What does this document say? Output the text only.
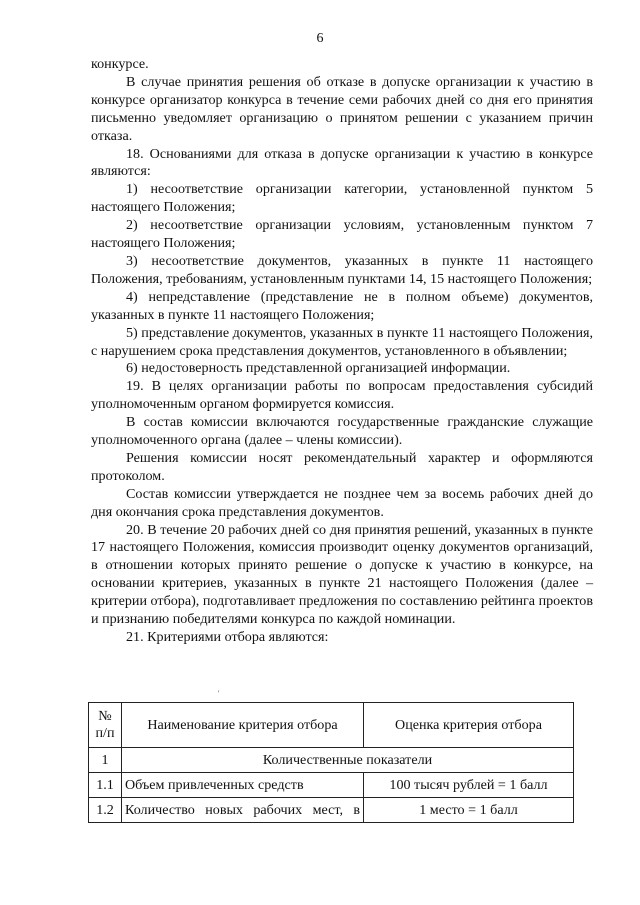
6

конкурсе.

В случае принятия решения об отказе в допуске организации к участию в конкурсе организатор конкурса в течение семи рабочих дней со дня его принятия письменно уведомляет организацию о принятом решении с указанием причин отказа.

18. Основаниями для отказа в допуске организации к участию в конкурсе являются:

1) несоответствие организации категории, установленной пунктом 5 настоящего Положения;

2) несоответствие организации условиям, установленным пунктом 7 настоящего Положения;

3) несоответствие документов, указанных в пункте 11 настоящего Положения, требованиям, установленным пунктами 14, 15 настоящего Положения;

4) непредставление (представление не в полном объеме) документов, указанных в пункте 11 настоящего Положения;

5) представление документов, указанных в пункте 11 настоящего Положения, с нарушением срока представления документов, установленного в объявлении;

6) недостоверность представленной организацией информации.

19. В целях организации работы по вопросам предоставления субсидий уполномоченным органом формируется комиссия.

В состав комиссии включаются государственные гражданские служащие уполномоченного органа (далее – члены комиссии).

Решения комиссии носят рекомендательный характер и оформляются протоколом.

Состав комиссии утверждается не позднее чем за восемь рабочих дней до дня окончания срока представления документов.

20. В течение 20 рабочих дней со дня принятия решений, указанных в пункте 17 настоящего Положения, комиссия производит оценку документов организаций, в отношении которых принято решение о допуске к участию в конкурсе, на основании критериев, указанных в пункте 21 настоящего Положения (далее – критерии отбора), подготавливает предложения по составлению рейтинга проектов и признанию победителями конкурса по каждой номинации.

21. Критериями отбора являются:

'
№ п/п	Наименование критерия отбора	Оценка критерия отбора
1	Количественные показатели	
1.1	Объем привлеченных средств	100 тысяч рублей = 1 балл
1.2	Количество новых рабочих мест, в	1 место = 1 балл
